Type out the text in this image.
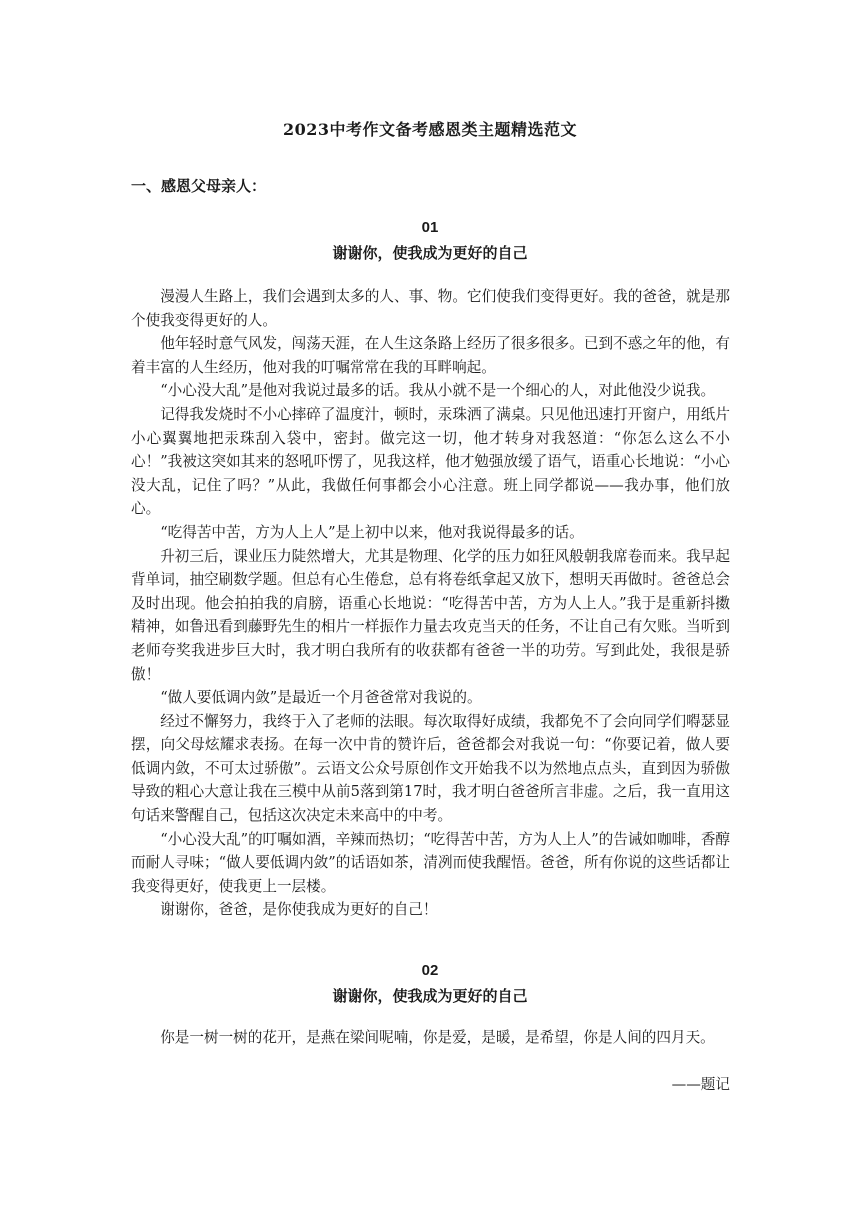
2023中考作文备考感恩类主题精选范文
一、感恩父母亲人：
01
谢谢你，使我成为更好的自己

漫漫人生路上，我们会遇到太多的人、事、物。它们使我们变得更好。我的爸爸，就是那个使我变得更好的人。

他年轻时意气风发，闯荡天涯，在人生这条路上经历了很多很多。已到不惑之年的他，有着丰富的人生经历，他对我的叮嘱常常在我的耳畔响起。

“小心没大乱”是他对我说过最多的话。我从小就不是一个细心的人，对此他没少说我。

记得我发烧时不小心摔碎了温度汁，顿时，汞珠洒了满桌。只见他迅速打开窗户，用纸片小心翼翼地把汞珠刮入袋中，密封。做完这一切，他才转身对我怒道：“你怎么这么不小心！”我被这突如其来的怒吼吓愣了，见我这样，他才勉强放缓了语气，语重心长地说：“小心没大乱，记住了吗？”从此，我做任何事都会小心注意。班上同学都说——我办事，他们放心。

“吃得苦中苦，方为人上人”是上初中以来，他对我说得最多的话。

升初三后，课业压力陡然增大，尤其是物理、化学的压力如狂风般朝我席卷而来。我早起背单词，抽空刷数学题。但总有心生倦怠，总有将卷纸拿起又放下，想明天再做时。爸爸总会及时出现。他会拍拍我的肩膀，语重心长地说：“吃得苦中苦，方为人上人。”我于是重新抖擞精神，如鲁迅看到藤野先生的相片一样振作力量去攻克当天的任务，不让自己有欠账。当听到老师夸奖我进步巨大时，我才明白我所有的收获都有爸爸一半的功劳。写到此处，我很是骄傲！

“做人要低调内敛”是最近一个月爸爸常对我说的。

经过不懈努力，我终于入了老师的法眼。每次取得好成绩，我都免不了会向同学们嘚瑟显摆，向父母炫耀求表扬。在每一次中肯的赞许后，爸爸都会对我说一句：“你要记着，做人要低调内敛，不可太过骄傲”。云语文公众号原创作文开始我不以为然地点点头，直到因为骄傲导致的粗心大意让我在三模中从前5落到第17时，我才明白爸爸所言非虚。之后，我一直用这句话来警醒自己，包括这次决定未来高中的中考。

“小心没大乱”的叮嘱如酒，辛辣而热切；“吃得苦中苦，方为人上人”的告诫如咖啡，香醇而耐人寻味；“做人要低调内敛”的话语如茶，清冽而使我醒悟。爸爸，所有你说的这些话都让我变得更好，使我更上一层楼。

谢谢你，爸爸，是你使我成为更好的自己！

02
谢谢你，使我成为更好的自己

你是一树一树的花开，是燕在梁间呢喃，你是爱，是暖，是希望，你是人间的四月天。

——题记
